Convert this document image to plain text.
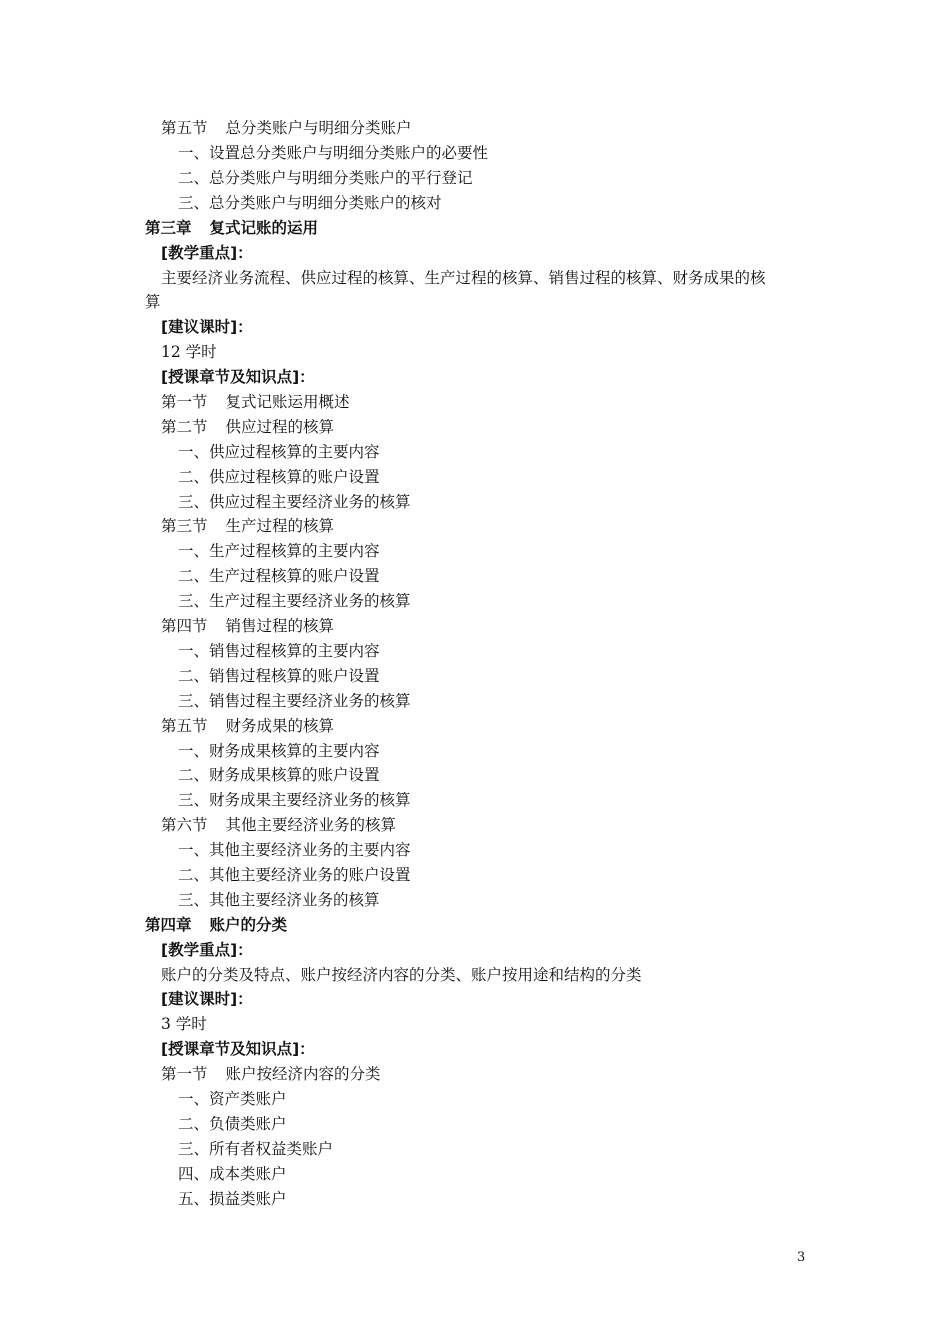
第五节 总分类账户与明细分类账户
一、设置总分类账户与明细分类账户的必要性
二、总分类账户与明细分类账户的平行登记
三、总分类账户与明细分类账户的核对
第三章 复式记账的运用
[教学重点]：
主要经济业务流程、供应过程的核算、生产过程的核算、销售过程的核算、财务成果的核
算
[建议课时]：
12 学时
[授课章节及知识点]：
第一节 复式记账运用概述
第二节 供应过程的核算
一、供应过程核算的主要内容
二、供应过程核算的账户设置
三、供应过程主要经济业务的核算
第三节 生产过程的核算
一、生产过程核算的主要内容
二、生产过程核算的账户设置
三、生产过程主要经济业务的核算
第四节 销售过程的核算
一、销售过程核算的主要内容
二、销售过程核算的账户设置
三、销售过程主要经济业务的核算
第五节 财务成果的核算
一、财务成果核算的主要内容
二、财务成果核算的账户设置
三、财务成果主要经济业务的核算
第六节 其他主要经济业务的核算
一、其他主要经济业务的主要内容
二、其他主要经济业务的账户设置
三、其他主要经济业务的核算
第四章 账户的分类
[教学重点]：
账户的分类及特点、账户按经济内容的分类、账户按用途和结构的分类
[建议课时]：
3 学时
[授课章节及知识点]：
第一节 账户按经济内容的分类
一、资产类账户
二、负债类账户
三、所有者权益类账户
四、成本类账户
五、损益类账户
3
